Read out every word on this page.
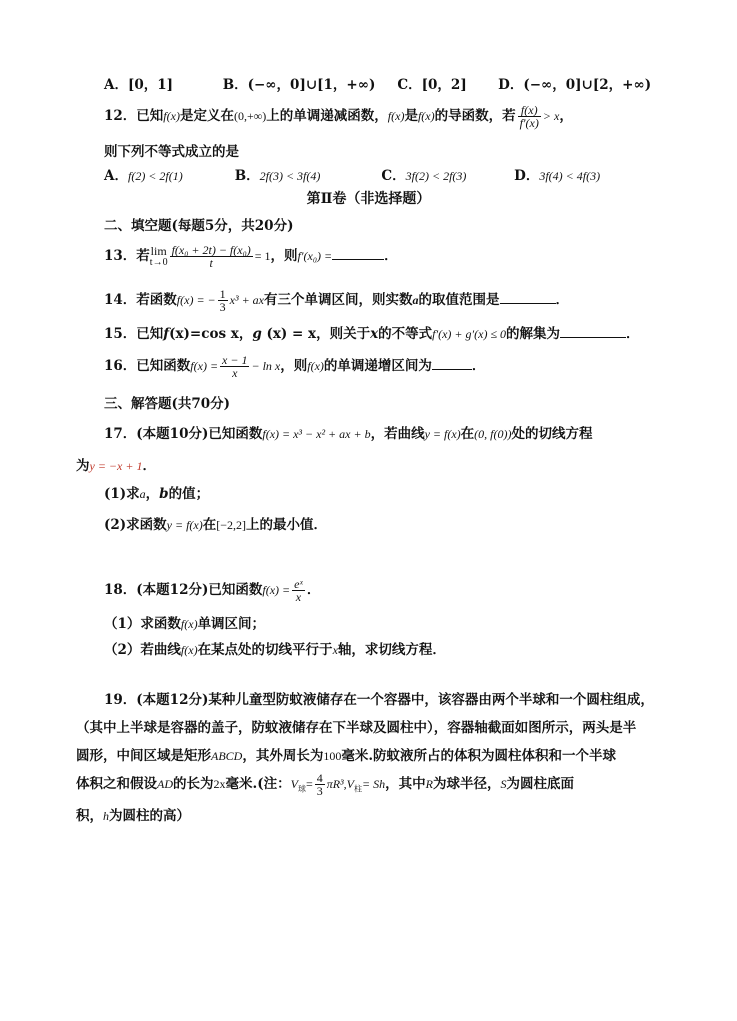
A．[0，1]	B．(−∞，0]∪[1，+∞) C．[0，2] D．(−∞，0]∪[2，+∞)
12．已知f(x)是定义在(0,+∞)上的单调递减函数，f(x)是f(x)的导函数，若 $\frac{f(x)}{f'(x)} > x$，
则下列不等式成立的是
A．f(2) < 2f(1)	B．2f(3) < 3f(4)	C．3f(2) < 2f(3)	D．3f(4) < 4f(3)
第Ⅱ卷（非选择题）
二、填空题(每题5分，共20分)
13．若 lim
$t\to 0 \frac{\text{f(x₀ + 2t) − f(x₀)}}{t} = 1$，则f′(x₀) =	．
14．若函数f(x) = − $\frac{1}{3} x^3$ + ax有三个单调区间，则实数a的取值范围是	．
15．已知f(x)=cos x，g (x) = x，则关于x的不等式f′(x) + g′(x) ≤ 0的解集为	．
16．已知函数$f(x) = \frac{x - 1}{x} - \ln x$，则f(x)的单调递增区间为	．
三、解答题(共70分)
17．(本题10分)已知函数f(x) = x³ − x² + ax + b，若曲线y = f(x)在(0, f(0))处的切线方程
为y = −x + 1．
(1)求a，b的值；
(2)求函数y = f(x)在[−2,2]上的最小值．
18．(本题12分)已知函数$f(x) = \frac{\text{eˣ}}{x}$ ．
（1）求函数f(x)单调区间；
（2）若曲线f(x)在某点处的切线平行于x轴，求切线方程．
19．(本题12分)某种儿童型防蚊液储存在一个容器中，该容器由两个半球和一个圆柱组成，
（其中上半球是容器的盖子，防蚊液储存在下半球及圆柱中），容器轴截面如图所示，两头是半
圆形，中间区域是矩形ABCD，其外周长为100毫米.防蚊液所占的体积为圆柱体积和一个半球
体积之和假设AD的长为2x毫米.(注：$V_球= \frac{4}{3} \pi R^3,V_柱= Sh$，其中R为球半径，S为圆柱底面
积，h为圆柱的高）
